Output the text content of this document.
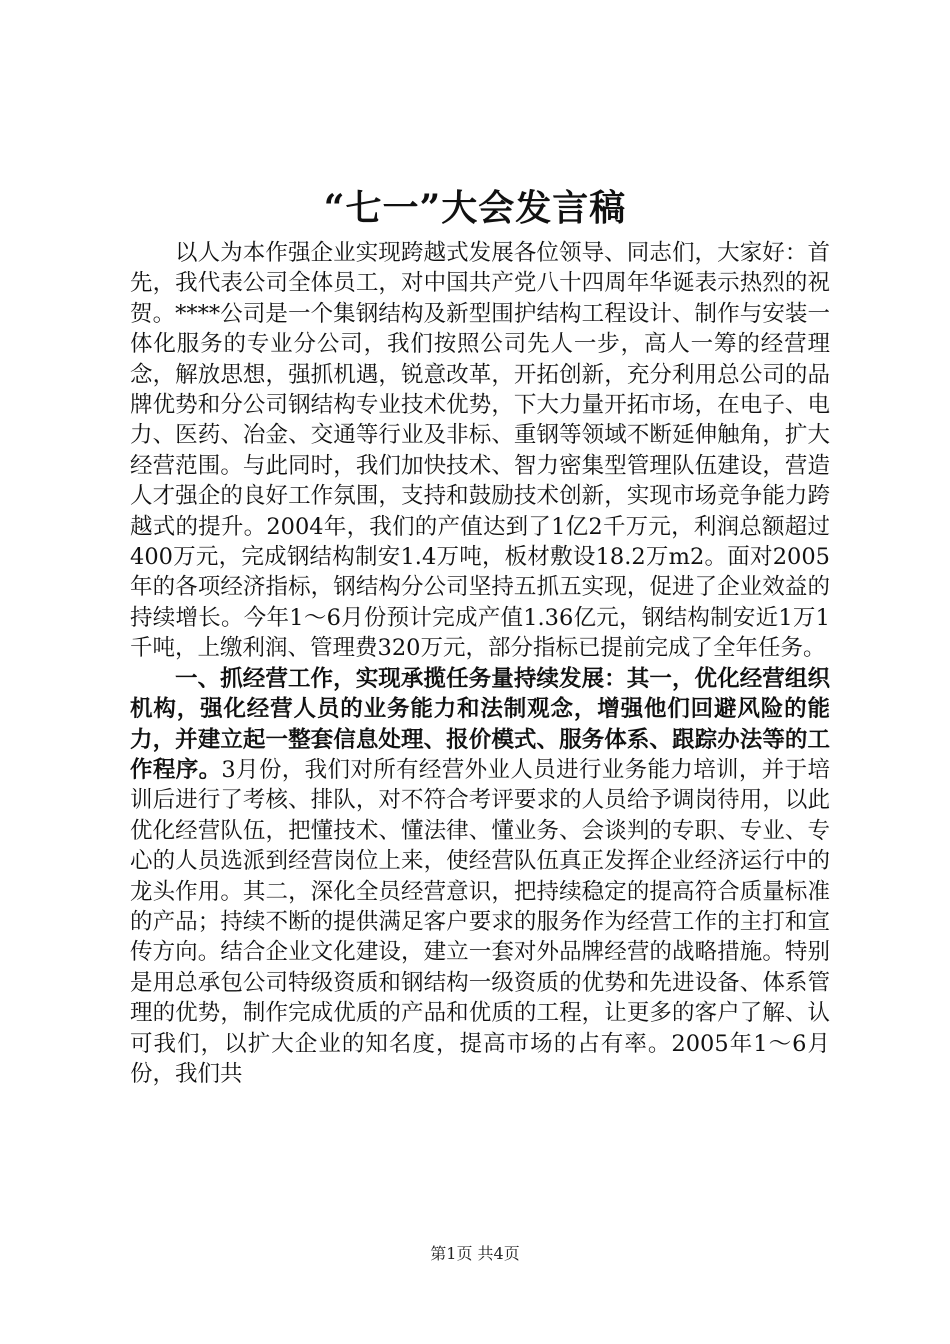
“七一”大会发言稿

以人为本作强企业实现跨越式发展各位领导、同志们，大家好：首先，我代表公司全体员工，对中国共产党八十四周年华诞表示热烈的祝贺。****公司是一个集钢结构及新型围护结构工程设计、制作与安装一体化服务的专业分公司，我们按照公司先人一步，高人一筹的经营理念，解放思想，强抓机遇，锐意改革，开拓创新，充分利用总公司的品牌优势和分公司钢结构专业技术优势，下大力量开拓市场，在电子、电力、医药、冶金、交通等行业及非标、重钢等领域不断延伸触角，扩大经营范围。与此同时，我们加快技术、智力密集型管理队伍建设，营造人才强企的良好工作氛围，支持和鼓励技术创新，实现市场竞争能力跨越式的提升。2004年，我们的产值达到了1亿2千万元，利润总额超过400万元，完成钢结构制安1.4万吨，板材敷设18.2万m2。面对2005年的各项经济指标，钢结构分公司坚持五抓五实现，促进了企业效益的持续增长。今年1～6月份预计完成产值1.36亿元，钢结构制安近1万1千吨，上缴利润、管理费320万元，部分指标已提前完成了全年任务。

一、抓经营工作，实现承揽任务量持续发展：其一，优化经营组织机构，强化经营人员的业务能力和法制观念，增强他们回避风险的能力，并建立起一整套信息处理、报价模式、服务体系、跟踪办法等的工作程序。3月份，我们对所有经营外业人员进行业务能力培训，并于培训后进行了考核、排队，对不符合考评要求的人员给予调岗待用，以此优化经营队伍，把懂技术、懂法律、懂业务、会谈判的专职、专业、专心的人员选派到经营岗位上来，使经营队伍真正发挥企业经济运行中的龙头作用。其二，深化全员经营意识，把持续稳定的提高符合质量标准的产品；持续不断的提供满足客户要求的服务作为经营工作的主打和宣传方向。结合企业文化建设，建立一套对外品牌经营的战略措施。特别是用总承包公司特级资质和钢结构一级资质的优势和先进设备、体系管理的优势，制作完成优质的产品和优质的工程，让更多的客户了解、认可我们，以扩大企业的知名度，提高市场的占有率。2005年1～6月份，我们共

第1页 共4页
